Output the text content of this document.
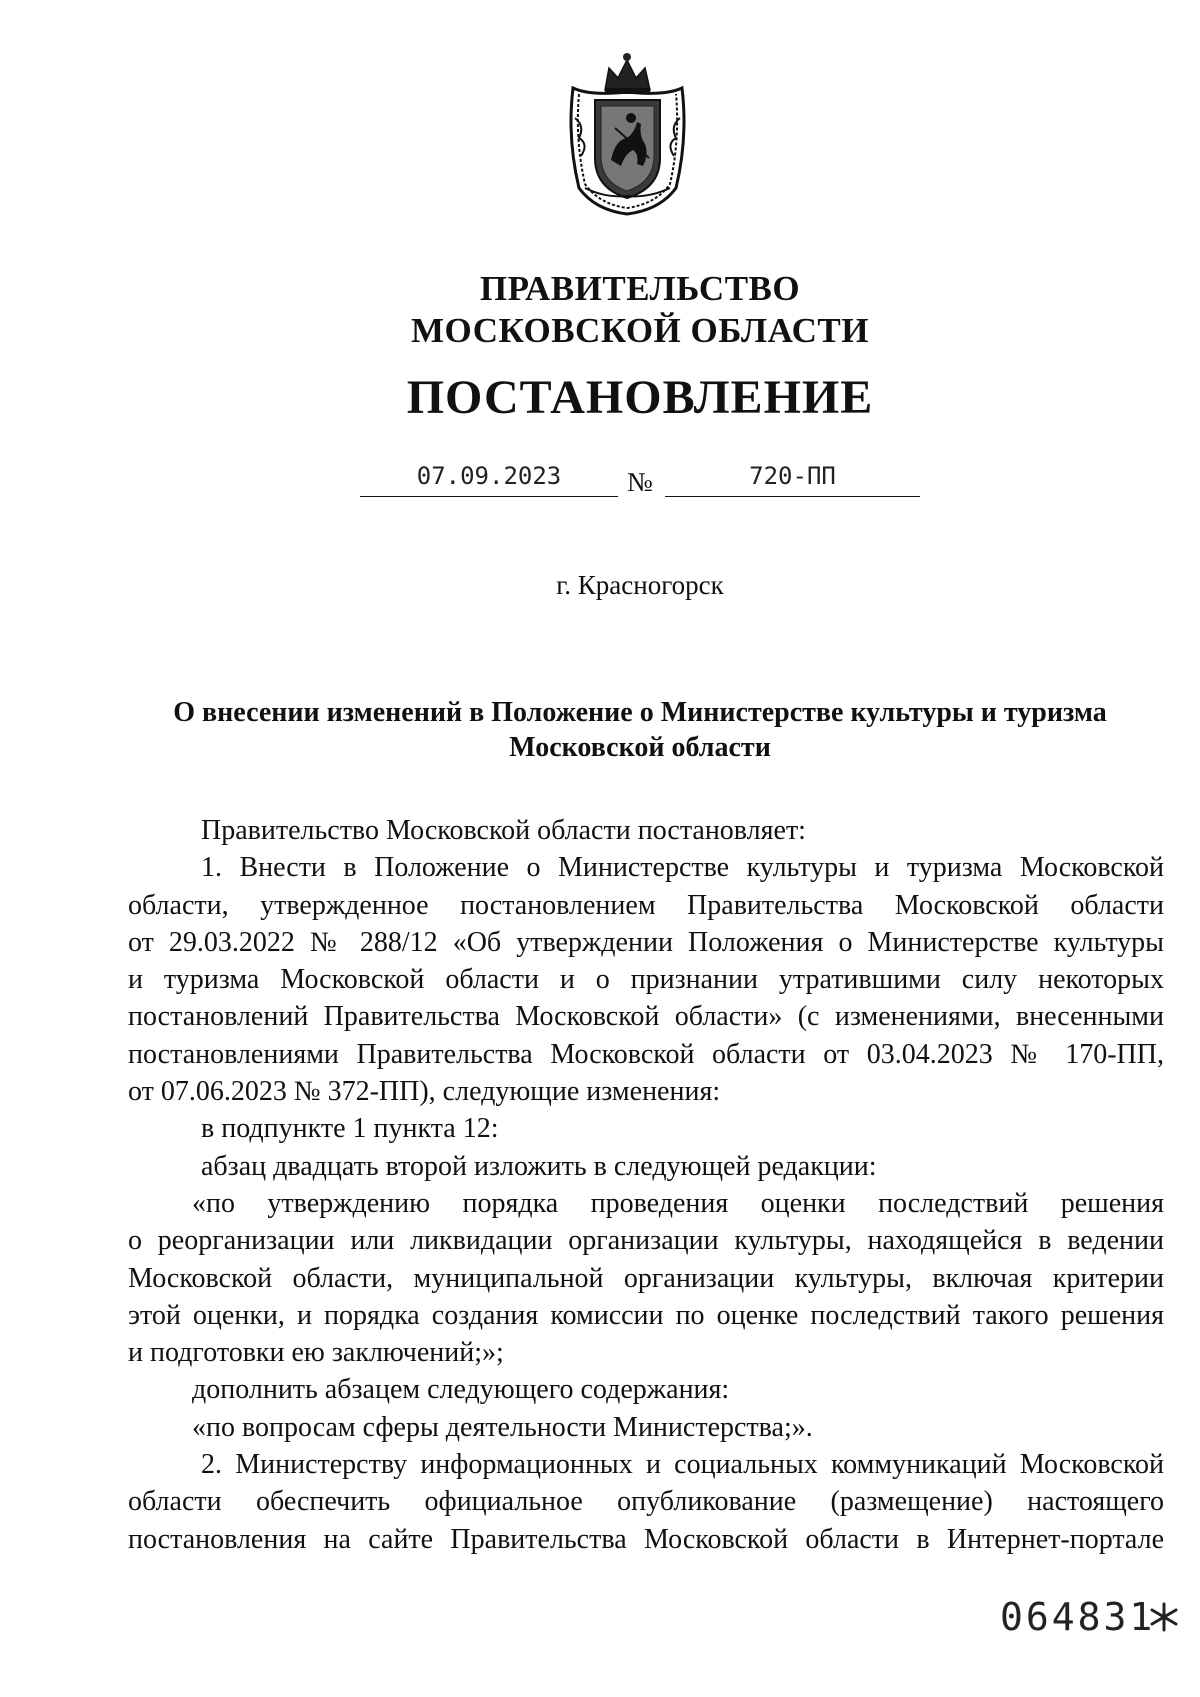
ПРАВИТЕЛЬСТВО
МОСКОВСКОЙ ОБЛАСТИ
ПОСТАНОВЛЕНИЕ
07.09.2023	№	720-ПП
г. Красногорск
О внесении изменений в Положение о Министерстве культуры и туризма
Московской области

Правительство Московской области постановляет:

1. Внести в Положение о Министерстве культуры и туризма Московской

области, утвержденное постановлением Правительства Московской области

от 29.03.2022 № 288/12 «Об утверждении Положения о Министерстве культуры

и туризма Московской области и о признании утратившими силу некоторых

постановлений Правительства Московской области» (с изменениями, внесенными

постановлениями Правительства Московской области от 03.04.2023 № 170-ПП,

от 07.06.2023 № 372-ПП), следующие изменения:

в подпункте 1 пункта 12:

абзац двадцать второй изложить в следующей редакции:

«по утверждению порядка проведения оценки последствий решения

о реорганизации или ликвидации организации культуры, находящейся в ведении

Московской области, муниципальной организации культуры, включая критерии

этой оценки, и порядка создания комиссии по оценке последствий такого решения

и подготовки ею заключений;»;

дополнить абзацем следующего содержания:

«по вопросам сферы деятельности Министерства;».

2. Министерству информационных и социальных коммуникаций Московской

области обеспечить официальное опубликование (размещение) настоящего

постановления на сайте Правительства Московской области в Интернет-портале

064831
